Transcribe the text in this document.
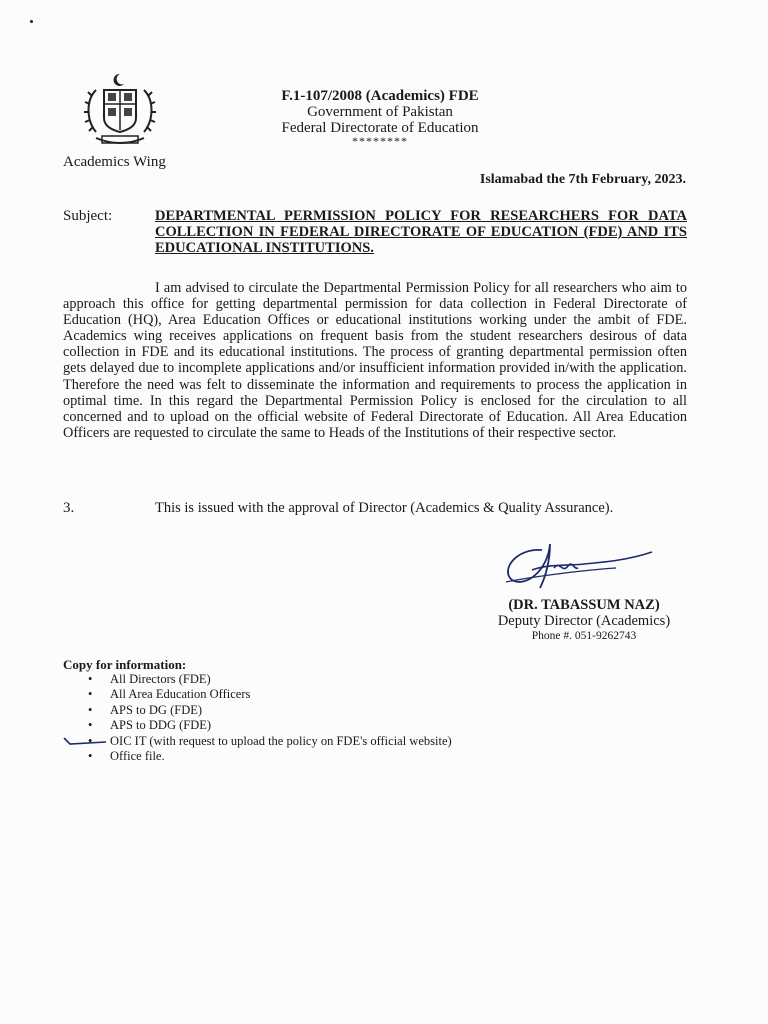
F.1-107/2008 (Academics) FDE
Government of Pakistan
Federal Directorate of Education
********
Academics Wing
Islamabad the 7th February, 2023.
Subject:	DEPARTMENTAL PERMISSION POLICY FOR RESEARCHERS FOR DATA COLLECTION IN FEDERAL DIRECTORATE OF EDUCATION (FDE) AND ITS EDUCATIONAL INSTITUTIONS.
I am advised to circulate the Departmental Permission Policy for all researchers who aim to approach this office for getting departmental permission for data collection in Federal Directorate of Education (HQ), Area Education Offices or educational institutions working under the ambit of FDE. Academics wing receives applications on frequent basis from the student researchers desirous of data collection in FDE and its educational institutions. The process of granting departmental permission often gets delayed due to incomplete applications and/or insufficient information provided in/with the application. Therefore the need was felt to disseminate the information and requirements to process the application in optimal time. In this regard the Departmental Permission Policy is enclosed for the circulation to all concerned and to upload on the official website of Federal Directorate of Education. All Area Education Officers are requested to circulate the same to Heads of the Institutions of their respective sector.
3.	This is issued with the approval of Director (Academics & Quality Assurance).
(DR. TABASSUM NAZ)
Deputy Director (Academics)
Phone #. 051-9262743
Copy for information:
• All Directors (FDE)
• All Area Education Officers
• APS to DG (FDE)
• APS to DDG (FDE)
• OIC IT (with request to upload the policy on FDE's official website)
• Office file.
